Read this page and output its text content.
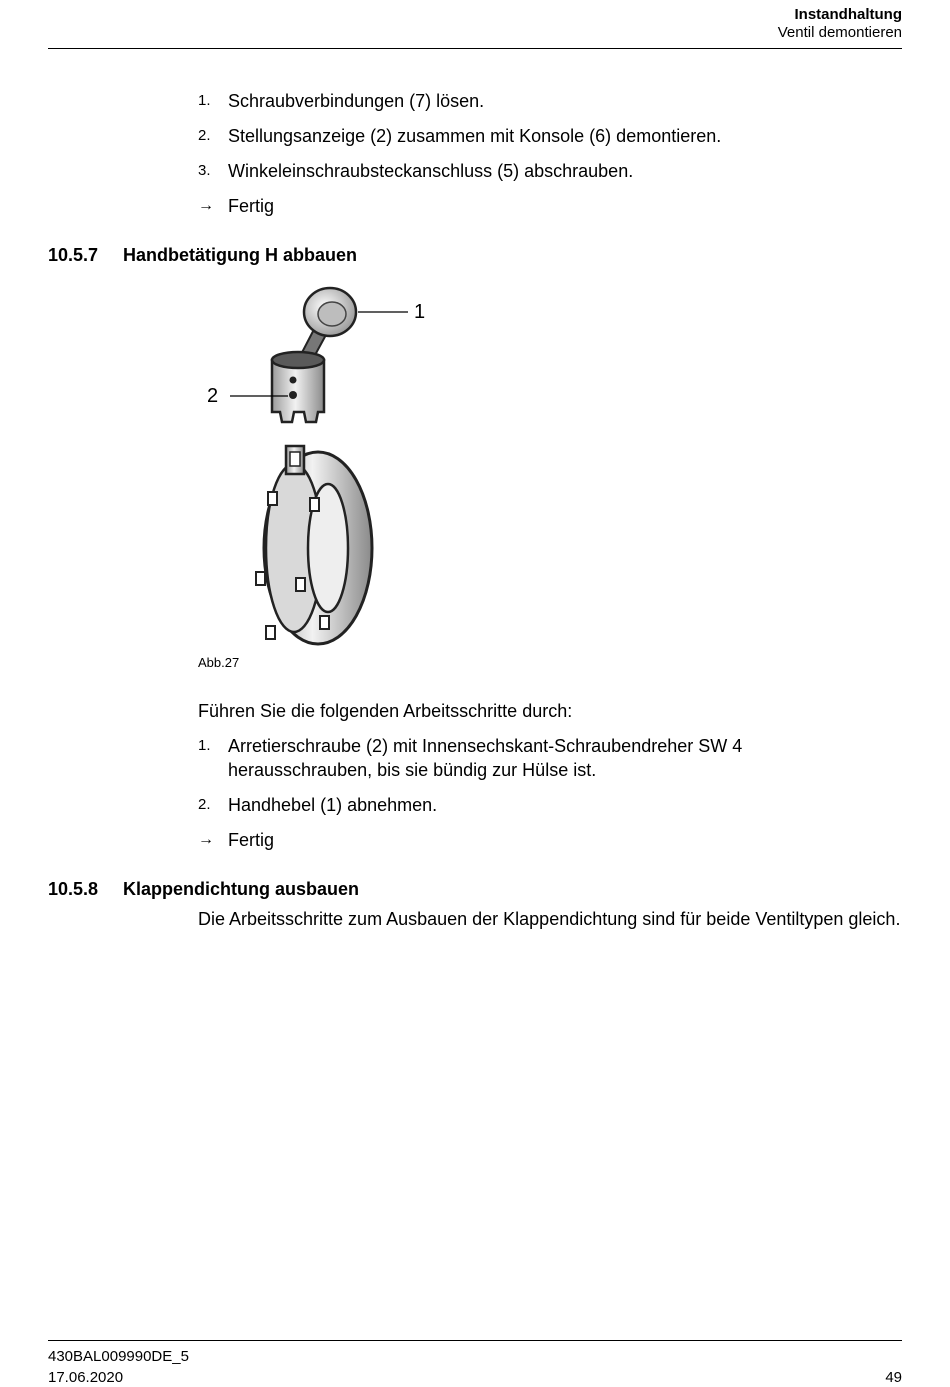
Instandhaltung
Ventil demontieren
1. Schraubverbindungen (7) lösen.
2. Stellungsanzeige (2) zusammen mit Konsole (6) demontieren.
3. Winkeleinschraubsteckanschluss (5) abschrauben.
→ Fertig
10.5.7 Handbetätigung H abbauen
1
2
Abb.27
Führen Sie die folgenden Arbeitsschritte durch:
1. Arretierschraube (2) mit Innensechskant-Schraubendreher SW 4 herausschrauben, bis sie bündig zur Hülse ist.
2. Handhebel (1) abnehmen.
→ Fertig
10.5.8 Klappendichtung ausbauen
Die Arbeitsschritte zum Ausbauen der Klappendichtung sind für beide Ventiltypen gleich.
430BAL009990DE_5
17.06.2020	49
